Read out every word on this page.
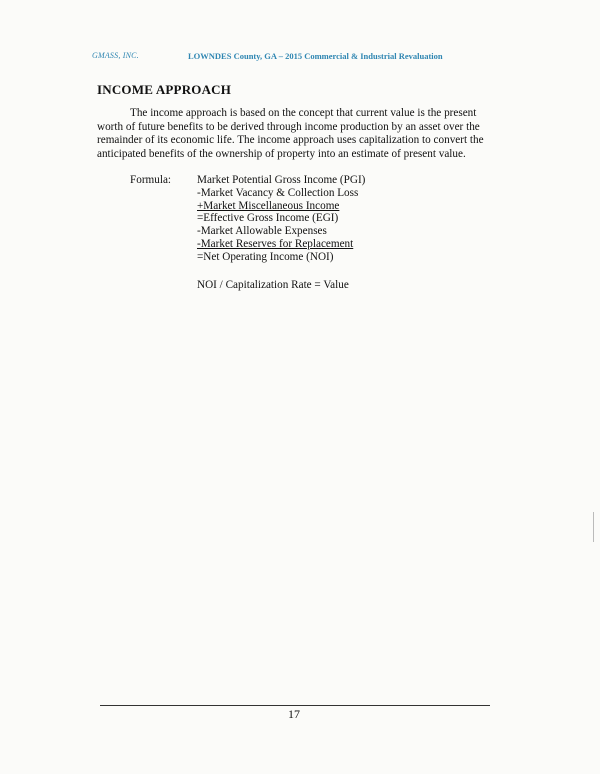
GMASS, INC.	LOWNDES County, GA – 2015 Commercial & Industrial Revaluation
INCOME APPROACH

The income approach is based on the concept that current value is the present worth of future benefits to be derived through income production by an asset over the remainder of its economic life. The income approach uses capitalization to convert the anticipated benefits of the ownership of property into an estimate of present value.

Formula: Market Potential Gross Income (PGI)
-Market Vacancy & Collection Loss
+Market Miscellaneous Income
=Effective Gross Income (EGI)
-Market Allowable Expenses
-Market Reserves for Replacement
=Net Operating Income (NOI)
NOI / Capitalization Rate = Value
17
